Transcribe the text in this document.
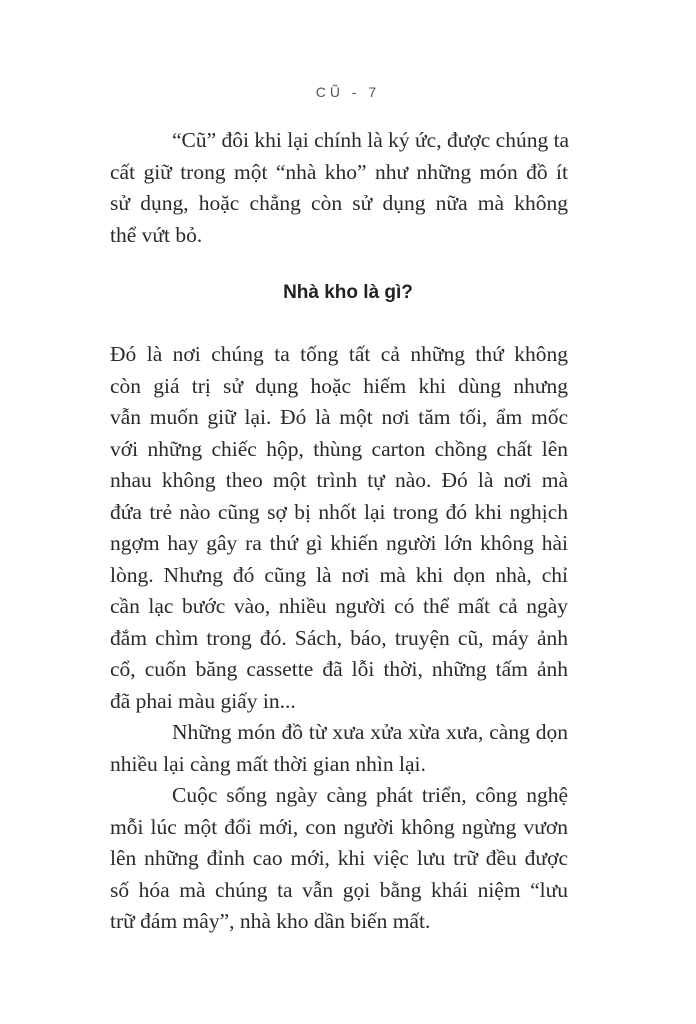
CŨ - 7
“Cũ” đôi khi lại chính là ký ức, được chúng ta
cất giữ trong một “nhà kho” như những món đồ ít
sử dụng, hoặc chẳng còn sử dụng nữa mà không
thể vứt bỏ.
Nhà kho là gì?
Đó là nơi chúng ta tống tất cả những thứ không
còn giá trị sử dụng hoặc hiếm khi dùng nhưng
vẫn muốn giữ lại. Đó là một nơi tăm tối, ẩm mốc
với những chiếc hộp, thùng carton chồng chất lên
nhau không theo một trình tự nào. Đó là nơi mà
đứa trẻ nào cũng sợ bị nhốt lại trong đó khi nghịch
ngợm hay gây ra thứ gì khiến người lớn không hài
lòng. Nhưng đó cũng là nơi mà khi dọn nhà, chỉ
cần lạc bước vào, nhiều người có thể mất cả ngày
đắm chìm trong đó. Sách, báo, truyện cũ, máy ảnh
cổ, cuốn băng cassette đã lỗi thời, những tấm ảnh
đã phai màu giấy in...
Những món đồ từ xưa xửa xừa xưa, càng dọn
nhiều lại càng mất thời gian nhìn lại.
Cuộc sống ngày càng phát triển, công nghệ
mỗi lúc một đổi mới, con người không ngừng vươn
lên những đỉnh cao mới, khi việc lưu trữ đều được
số hóa mà chúng ta vẫn gọi bằng khái niệm “lưu
trữ đám mây”, nhà kho dần biến mất.
